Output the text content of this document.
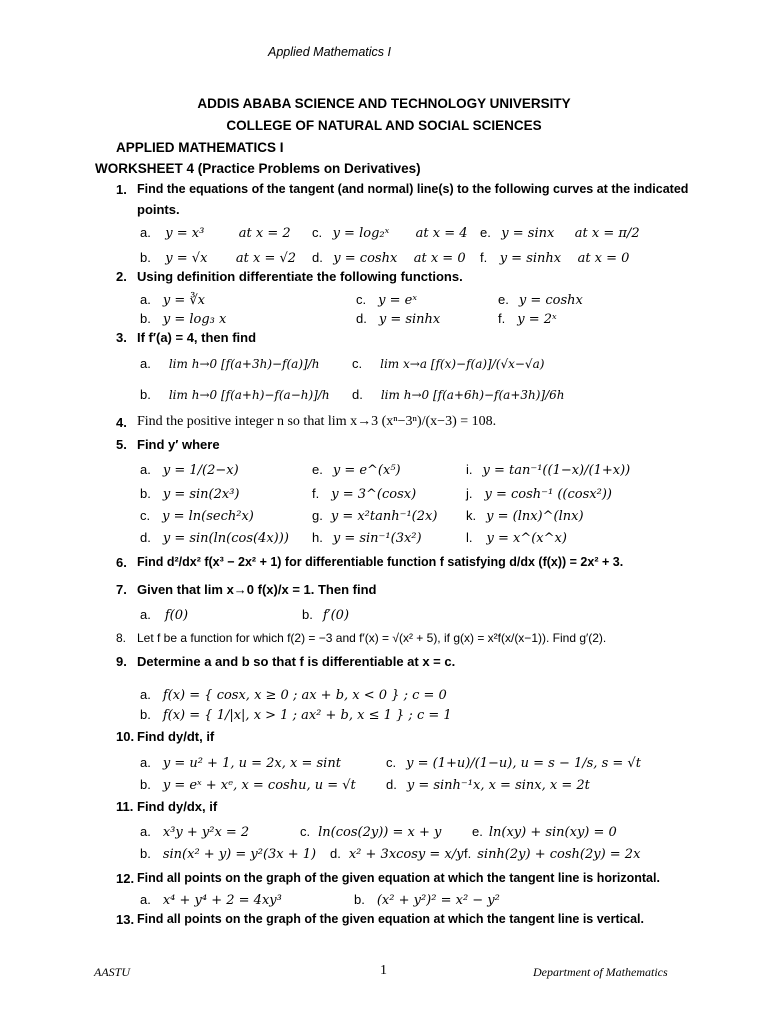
Applied Mathematics I
ADDIS ABABA SCIENCE AND TECHNOLOGY UNIVERSITY
COLLEGE OF NATURAL AND SOCIAL SCIENCES
APPLIED MATHEMATICS I
WORKSHEET 4 (Practice Problems on Derivatives)
1. Find the equations of the tangent (and normal) line(s) to the following curves at the indicated
points.
a. y = x³	at x = 2 c. y = log₂ˣ at x = 4 e. y = sinx at x = π/2
b. y = √x at x = √2 d. y = coshx at x = 0 f. y = sinhx at x = 0
2. Using definition differentiate the following functions.
a. y = ∛x	c. y = eˣ	e. y = coshx
b. y = log₃ x	d. y = sinhx	f. y = 2ˣ
3. If f′(a) = 4, then find
a. lim h→0 [f(a+3h)−f(a)]/h	c. lim x→a [f(x)−f(a)]/(√x−√a)
b. lim h→0 [f(a+h)−f(a−h)]/h d. lim h→0 [f(a+6h)−f(a+3h)]/6h
4. Find the positive integer n so that lim x→3 (xⁿ−3ⁿ)/(x−3) = 108.
5. Find y′ where
a. y = 1/(2−x)	e. y = e^(x⁵)	i. y = tan⁻¹((1−x)/(1+x))
b. y = sin(2x³)	f. y = 3^(cosx)	j. y = cosh⁻¹ ((cosx²))
c. y = ln(sech²x)	g. y = x²tanh⁻¹(2x) k. y = (lnx)^(lnx)
d. y = sin(ln(cos(4x))) h. y = sin⁻¹(3x²)	l. y = x^(x^x)
6. Find d²/dx² f(x³ − 2x² + 1) for differentiable function f satisfying d/dx (f(x)) = 2x² + 3.
7. Given that lim x→0 f(x)/x = 1. Then find
a. f(0)	b. f′(0)
8. Let f be a function for which f(2) = −3 and f′(x) = √(x² + 5), if g(x) = x²f(x/(x−1)). Find g′(2).
9. Determine a and b so that f is differentiable at x = c.
a. f(x) = { cosx, x ≥ 0 ; ax + b, x < 0 } ; c = 0
b. f(x) = { 1/|x|, x > 1 ; ax² + b, x ≤ 1 } ; c = 1
10. Find dy/dt, if
a. y = u² + 1, u = 2x, x = sint	c. y = (1+u)/(1−u), u = s − 1/s, s = √t
b. y = eˣ + xᵉ, x = coshu, u = √t d. y = sinh⁻¹x, x = sinx, x = 2t
11. Find dy/dx, if
a. x³y + y²x = 2	c. ln(cos(2y)) = x + y e. ln(xy) + sin(xy) = 0
b. sin(x² + y) = y²(3x + 1) d. x² + 3xcosy = x/y f. sinh(2y) + cosh(2y) = 2x
12. Find all points on the graph of the given equation at which the tangent line is horizontal.
a. x⁴ + y⁴ + 2 = 4xy³	b. (x² + y²)² = x² − y²
13. Find all points on the graph of the given equation at which the tangent line is vertical.
AASTU	1	Department of Mathematics
